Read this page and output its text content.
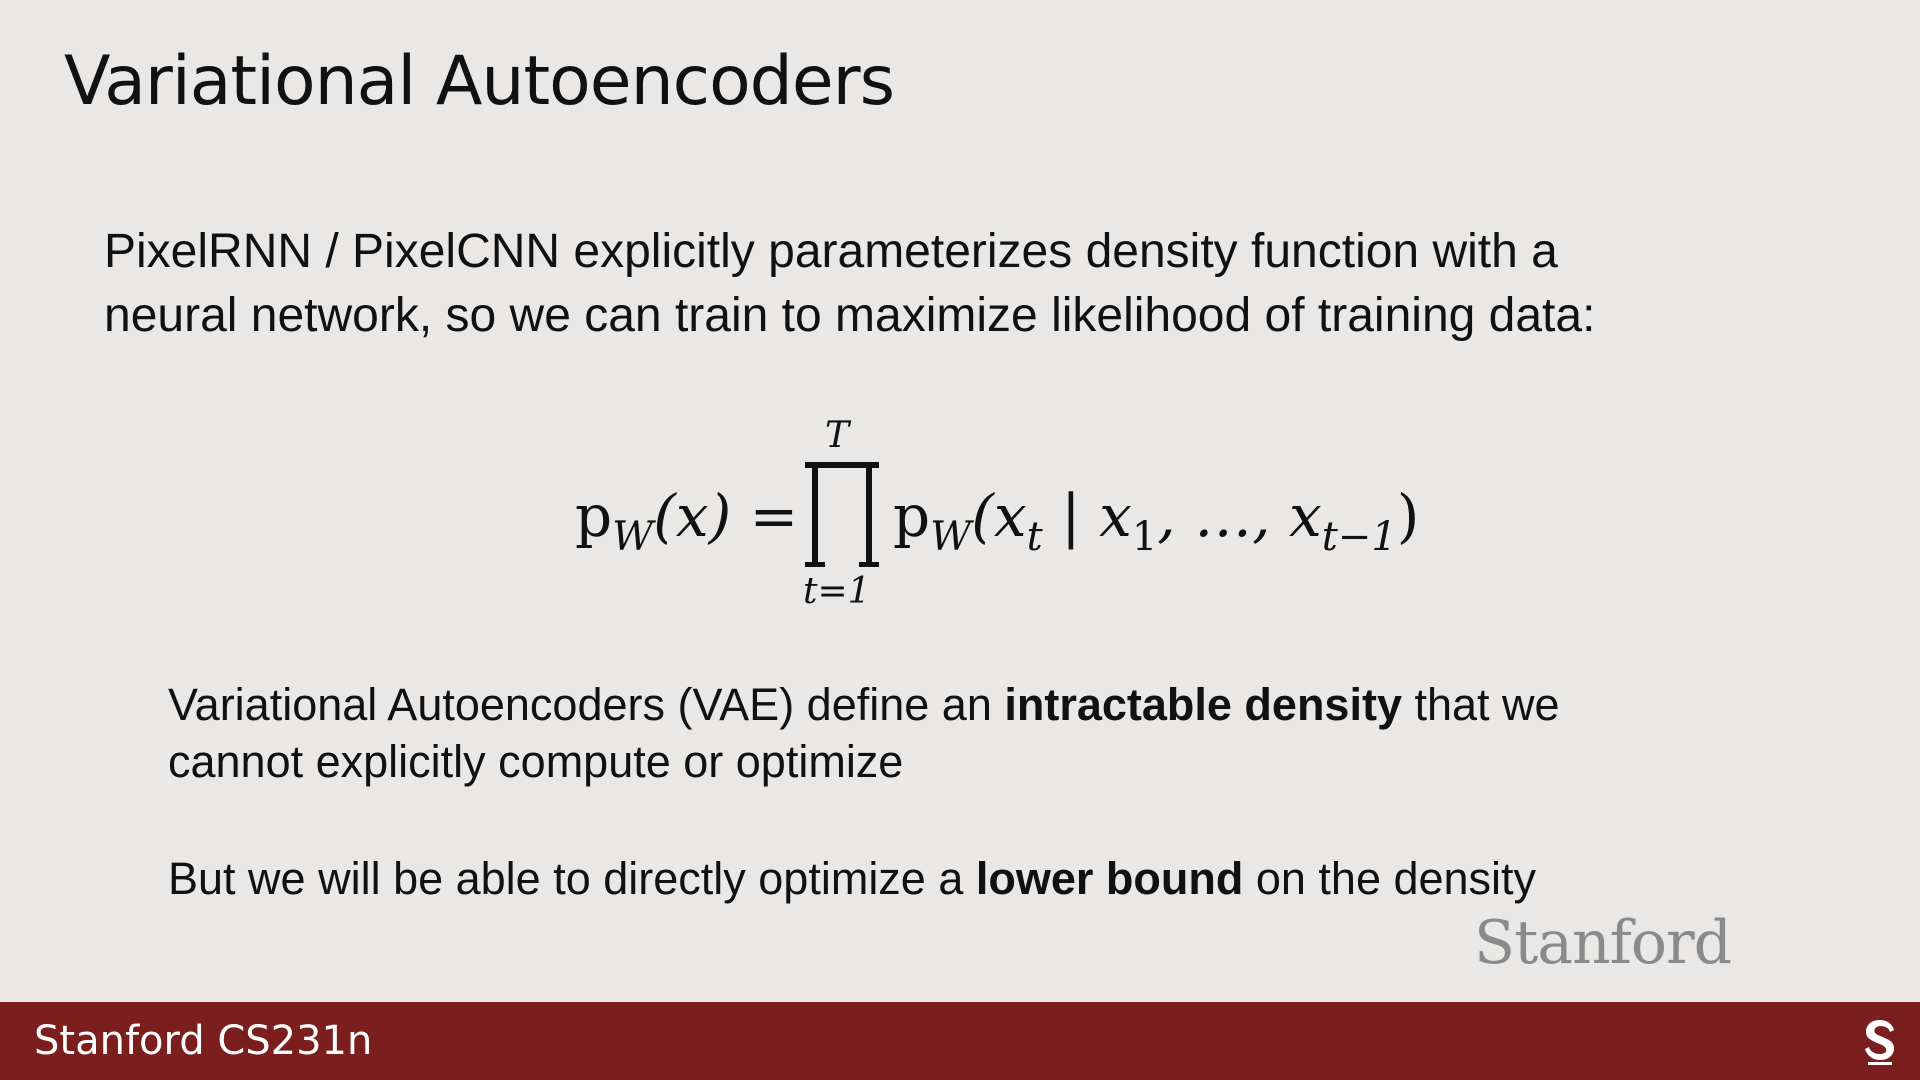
Variational Autoencoders
PixelRNN / PixelCNN explicitly parameterizes density function with a
neural network, so we can train to maximize likelihood of training data:
$p_W(x)$ =
T
t=1
$p_W(x_t$ | $x_1$, …, $x_{t-1}$)
Variational Autoencoders (VAE) define an intractable density that we
cannot explicitly compute or optimize
But we will be able to directly optimize a lower bound on the density
Stanford
Stanford CS231n
